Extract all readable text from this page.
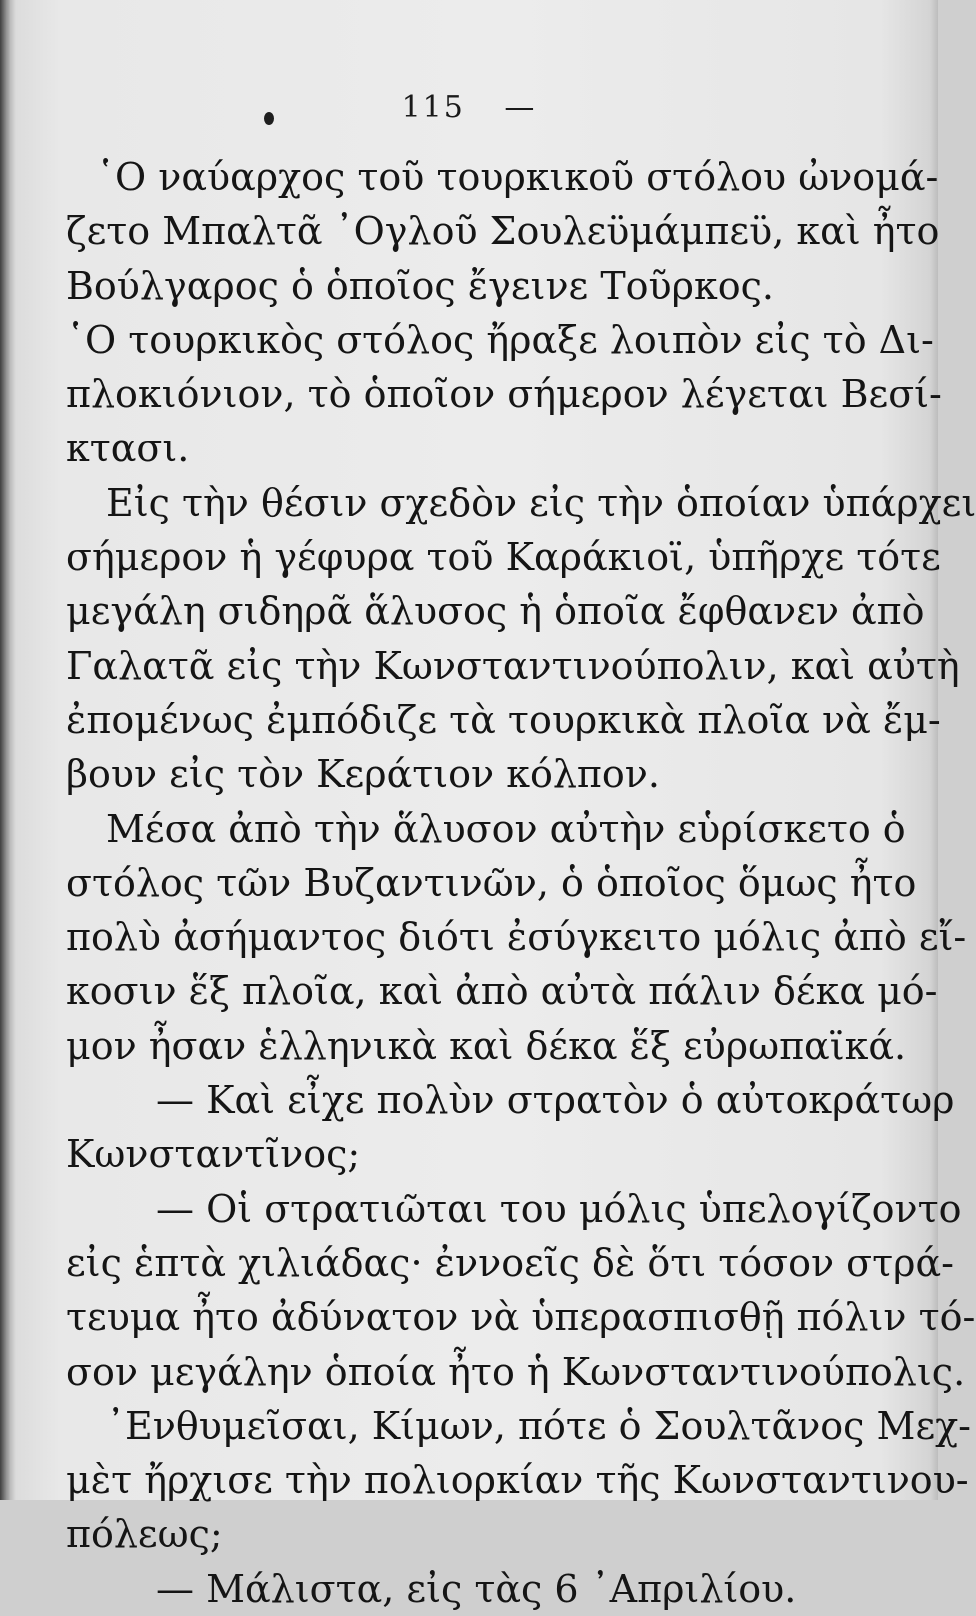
115 —
῾Ο ναύαρχος τοῦ τουρκικοῦ στόλου ὠνομά-
ζετο Μπαλτᾶ ᾿Ογλοῦ Σουλεϋμάμπεϋ, καὶ ἦτο
Βούλγαρος ὁ ὁποῖος ἔγεινε Τοῦρκος.
῾Ο τουρκικὸς στόλος ἤραξε λοιπὸν εἰς τὸ Δι-
πλοκιόνιον, τὸ ὁποῖον σήμερον λέγεται Βεσί-
κτασι.
Εἰς τὴν θέσιν σχεδὸν εἰς τὴν ὁποίαν ὑπάρχει
σήμερον ἡ γέφυρα τοῦ Καράκιοϊ, ὑπῆρχε τότε
μεγάλη σιδηρᾶ ἅλυσος ἡ ὁποῖα ἔφθανεν ἀπὸ
Γαλατᾶ εἰς τὴν Κωνσταντινούπολιν, καὶ αὐτὴ
ἐπομένως ἐμπόδιζε τὰ τουρκικὰ πλοῖα νὰ ἔμ-
βουν εἰς τὸν Κεράτιον κόλπον.
Μέσα ἀπὸ τὴν ἅλυσον αὐτὴν εὑρίσκετο ὁ
στόλος τῶν Βυζαντινῶν, ὁ ὁποῖος ὅμως ἦτο
πολὺ ἀσήμαντος διότι ἐσύγκειτο μόλις ἀπὸ εἴ-
κοσιν ἕξ πλοῖα, καὶ ἀπὸ αὐτὰ πάλιν δέκα μό-
μον ἦσαν ἑλληνικὰ καὶ δέκα ἕξ εὐρωπαϊκά.
— Καὶ εἶχε πολὺν στρατὸν ὁ αὐτοκράτωρ
Κωνσταντῖνος;
— Οἱ στρατιῶται του μόλις ὑπελογίζοντο
εἰς ἑπτὰ χιλιάδας· ἐννοεῖς δὲ ὅτι τόσον στρά-
τευμα ἦτο ἀδύνατον νὰ ὑπερασπισθῇ πόλιν τό-
σον μεγάλην ὁποία ἦτο ἡ Κωνσταντινούπολις.
᾿Ενθυμεῖσαι, Κίμων, πότε ὁ Σουλτᾶνος Μεχ-
μὲτ ἤρχισε τὴν πολιορκίαν τῆς Κωνσταντινου-
πόλεως;
— Μάλιστα, εἰς τὰς 6 ᾿Απριλίου.
